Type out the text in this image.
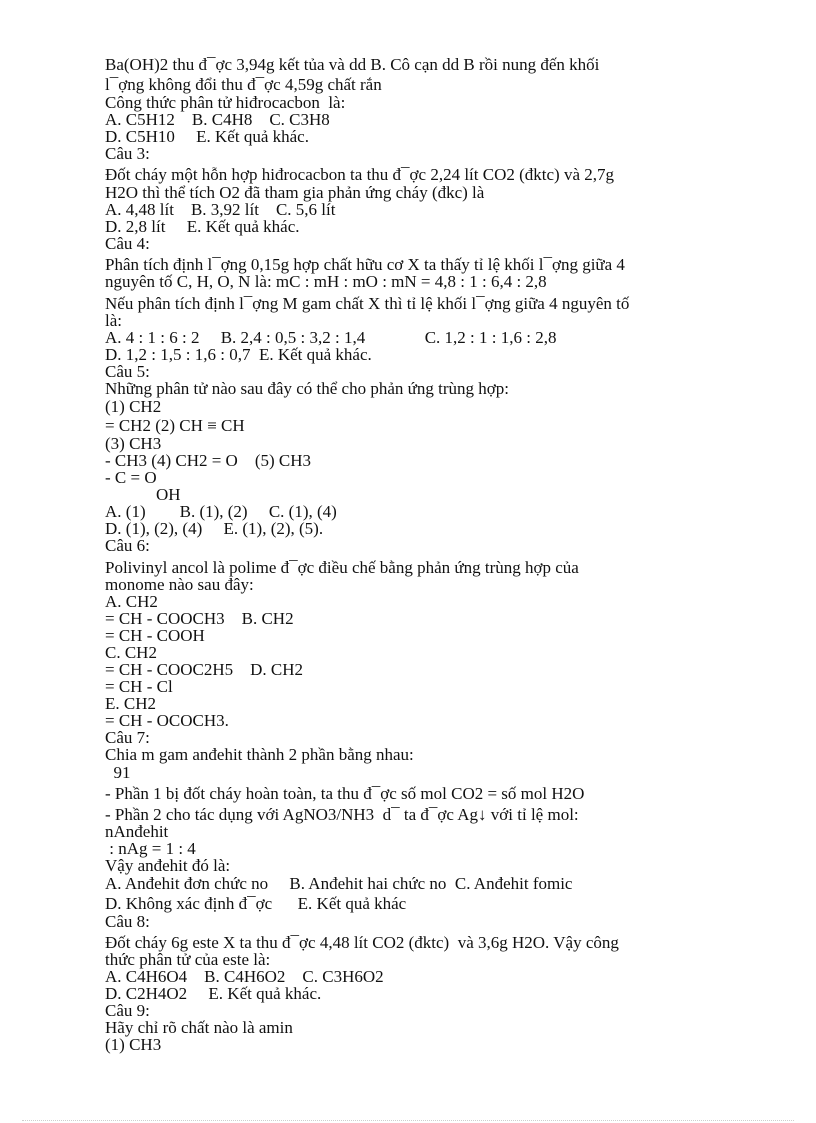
Ba(OH)2 thu đ¯ợc 3,94g kết tủa và dd B. Cô cạn dd B rồi nung đến khối

l¯ợng không đổi thu đ¯ợc 4,59g chất rắn

Công thức phân tử hiđrocacbon  là:

A. C5H12    B. C4H8    C. C3H8

D. C5H10     E. Kết quả khác.

Câu 3:

Đốt cháy một hỗn hợp hiđrocacbon ta thu đ¯ợc 2,24 lít CO2 (đktc) và 2,7g

H2O thì thể tích O2 đã tham gia phản ứng cháy (đkc) là

A. 4,48 lít    B. 3,92 lít    C. 5,6 lít

D. 2,8 lít     E. Kết quả khác.

Câu 4:

Phân tích định l¯ợng 0,15g hợp chất hữu cơ X ta thấy tỉ lệ khối l¯ợng giữa 4

nguyên tố C, H, O, N là: mC : mH : mO : mN = 4,8 : 1 : 6,4 : 2,8

Nếu phân tích định l¯ợng M gam chất X thì tỉ lệ khối l¯ợng giữa 4 nguyên tố

là:

A. 4 : 1 : 6 : 2     B. 2,4 : 0,5 : 3,2 : 1,4              C. 1,2 : 1 : 1,6 : 2,8

D. 1,2 : 1,5 : 1,6 : 0,7  E. Kết quả khác.

Câu 5:

Những phân tử nào sau đây có thể cho phản ứng trùng hợp:

(1) CH2

= CH2 (2) CH ≡ CH

(3) CH3

- CH3 (4) CH2 = O    (5) CH3

- C = O

OH

A. (1)        B. (1), (2)     C. (1), (4)

D. (1), (2), (4)     E. (1), (2), (5).

Câu 6:

Polivinyl ancol là polime đ¯ợc điều chế bằng phản ứng trùng hợp của

monome nào sau đây:

A. CH2

= CH - COOCH3    B. CH2

= CH - COOH

C. CH2

= CH - COOC2H5    D. CH2

= CH - Cl

E. CH2

= CH - OCOCH3.

Câu 7:

Chia m gam anđehit thành 2 phần bằng nhau:

91

- Phần 1 bị đốt cháy hoàn toàn, ta thu đ¯ợc số mol CO2 = số mol H2O

- Phần 2 cho tác dụng với AgNO3/NH3  d¯ ta đ¯ợc Ag↓ với tỉ lệ mol:

nAnđehit

: nAg = 1 : 4

Vậy anđehit đó là:

A. Anđehit đơn chức no     B. Anđehit hai chức no  C. Anđehit fomic

D. Không xác định đ¯ợc      E. Kết quả khác

Câu 8:

Đốt cháy 6g este X ta thu đ¯ợc 4,48 lít CO2 (đktc)  và 3,6g H2O. Vậy công

thức phân tử của este là:

A. C4H6O4    B. C4H6O2    C. C3H6O2

D. C2H4O2     E. Kết quả khác.

Câu 9:

Hãy chỉ rõ chất nào là amin

(1) CH3
